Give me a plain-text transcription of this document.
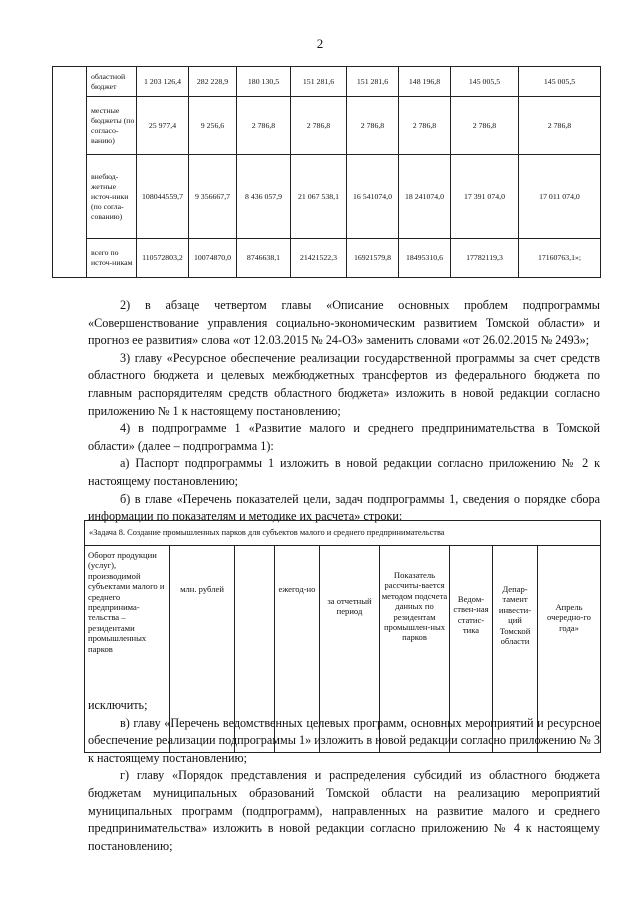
2
	областной бюджет	1 203 126,4	282 228,9	180 130,5	151 281,6	151 281,6	148 196,8	145 005,5	145 005,5
	местные бюджеты (по согласо-ванию)	25 977,4	9 256,6	2 786,8	2 786,8	2 786,8	2 786,8	2 786,8	2 786,8
	внебюд-жетные источ-ники (по согла-сованию)	108044559,7	9 356667,7	8 436 057,9	21 067 538,1	16 541074,0	18 241074,0	17 391 074,0	17 011 074,0
	всего по источ-никам	110572803,2	10074870,0	8746638,1	21421522,3	16921579,8	18495310,6	17782119,3	17160763,1»;

2) в абзаце четвертом главы «Описание основных проблем подпрограммы «Совершенствование управления социально-экономическим развитием Томской области» и прогноз ее развития» слова «от 12.03.2015 № 24-ОЗ» заменить словами «от 26.02.2015 № 2493»;

3) главу «Ресурсное обеспечение реализации государственной программы за счет средств областного бюджета и целевых межбюджетных трансфертов из федерального бюджета по главным распорядителям средств областного бюджета» изложить в новой редакции согласно приложению № 1 к настоящему постановлению;

4) в подпрограмме 1 «Развитие малого и среднего предпринимательства в Томской области» (далее – подпрограмма 1):

а) Паспорт подпрограммы 1 изложить в новой редакции согласно приложению № 2 к настоящему постановлению;

б) в главе «Перечень показателей цели, задач подпрограммы 1, сведения о порядке сбора информации по показателям и методике их расчета» строки:

«Задача 8. Создание промышленных парков для субъектов малого и среднего предпринимательства
Оборот продукции (услуг), производимой субъектами малого и среднего предпринима-тельства – резидентами промышленных парков	млн. рублей		ежегод-но	за отчетный период	Показатель рассчиты-вается методом подсчета данных по резидентам промышлен-ных парков	Ведом-ствен-ная статис-тика	Депар-тамент инвести-ций Томской области	Апрель очередно-го года»

исключить;

в) главу «Перечень ведомственных целевых программ, основных мероприятий и ресурсное обеспечение реализации подпрограммы 1» изложить в новой редакции согласно приложению № 3 к настоящему постановлению;

г) главу «Порядок представления и распределения субсидий из областного бюджета бюджетам муниципальных образований Томской области на реализацию мероприятий муниципальных программ (подпрограмм), направленных на развитие малого и среднего предпринимательства» изложить в новой редакции согласно приложению № 4 к настоящему постановлению;
